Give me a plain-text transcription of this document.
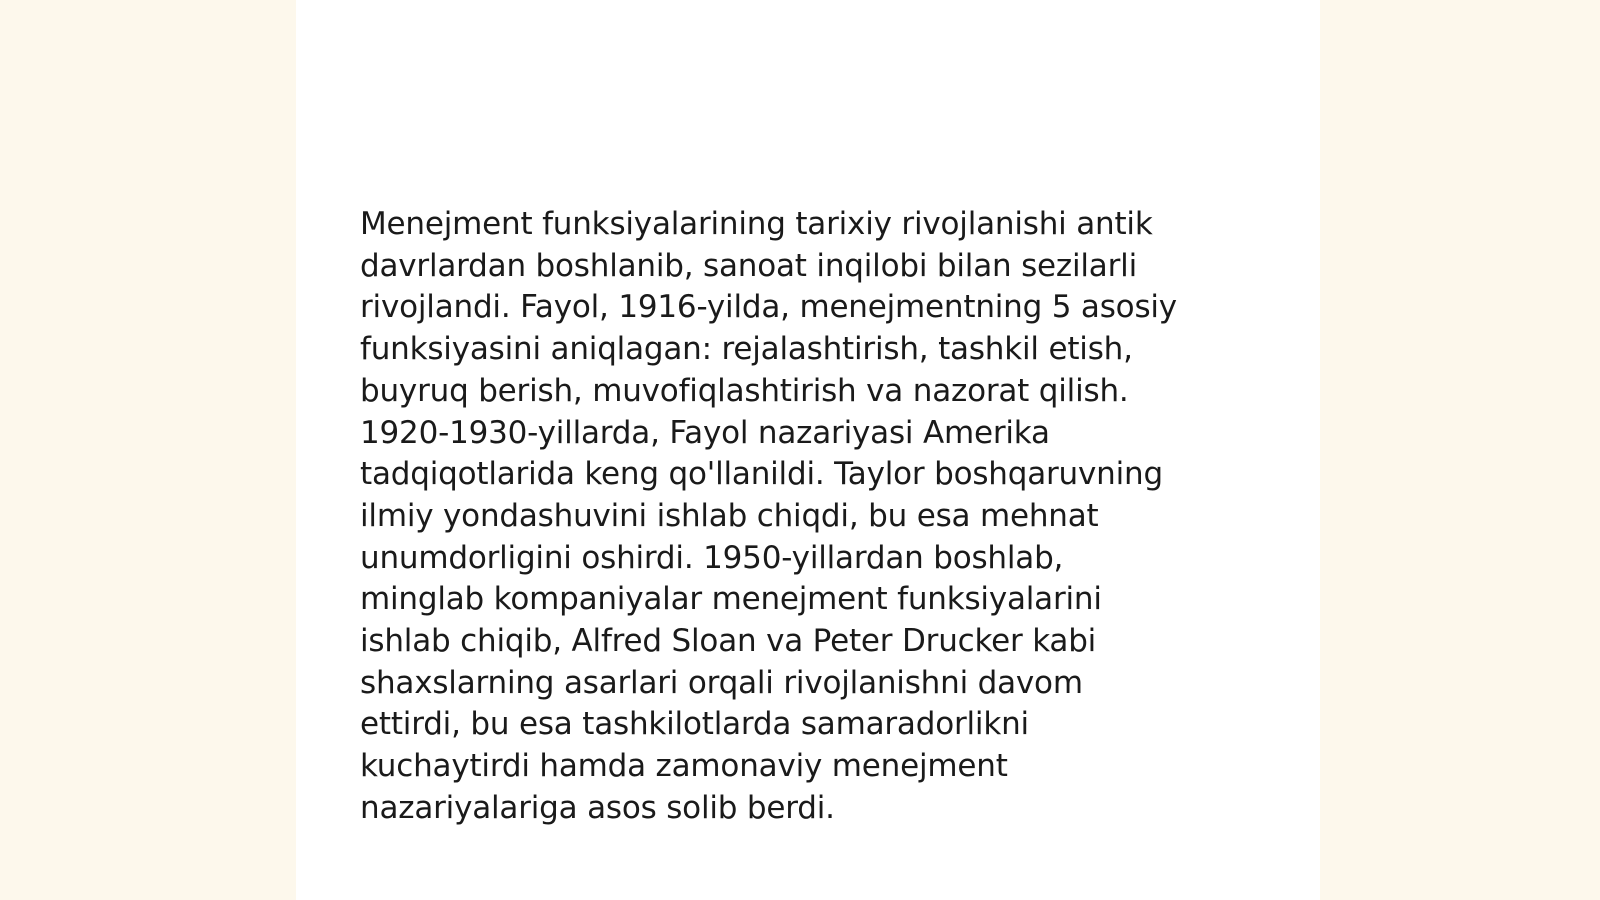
Menejment funksiyalarining tarixiy rivojlanishi antik
davrlardan boshlanib, sanoat inqilobi bilan sezilarli
rivojlandi. Fayol, 1916-yilda, menejmentning 5 asosiy
funksiyasini aniqlagan: rejalashtirish, tashkil etish,
buyruq berish, muvofiqlashtirish va nazorat qilish.
1920-1930-yillarda, Fayol nazariyasi Amerika
tadqiqotlarida keng qo'llanildi. Taylor boshqaruvning
ilmiy yondashuvini ishlab chiqdi, bu esa mehnat
unumdorligini oshirdi. 1950-yillardan boshlab,
minglab kompaniyalar menejment funksiyalarini
ishlab chiqib, Alfred Sloan va Peter Drucker kabi
shaxslarning asarlari orqali rivojlanishni davom
ettirdi, bu esa tashkilotlarda samaradorlikni
kuchaytirdi hamda zamonaviy menejment
nazariyalariga asos solib berdi.
